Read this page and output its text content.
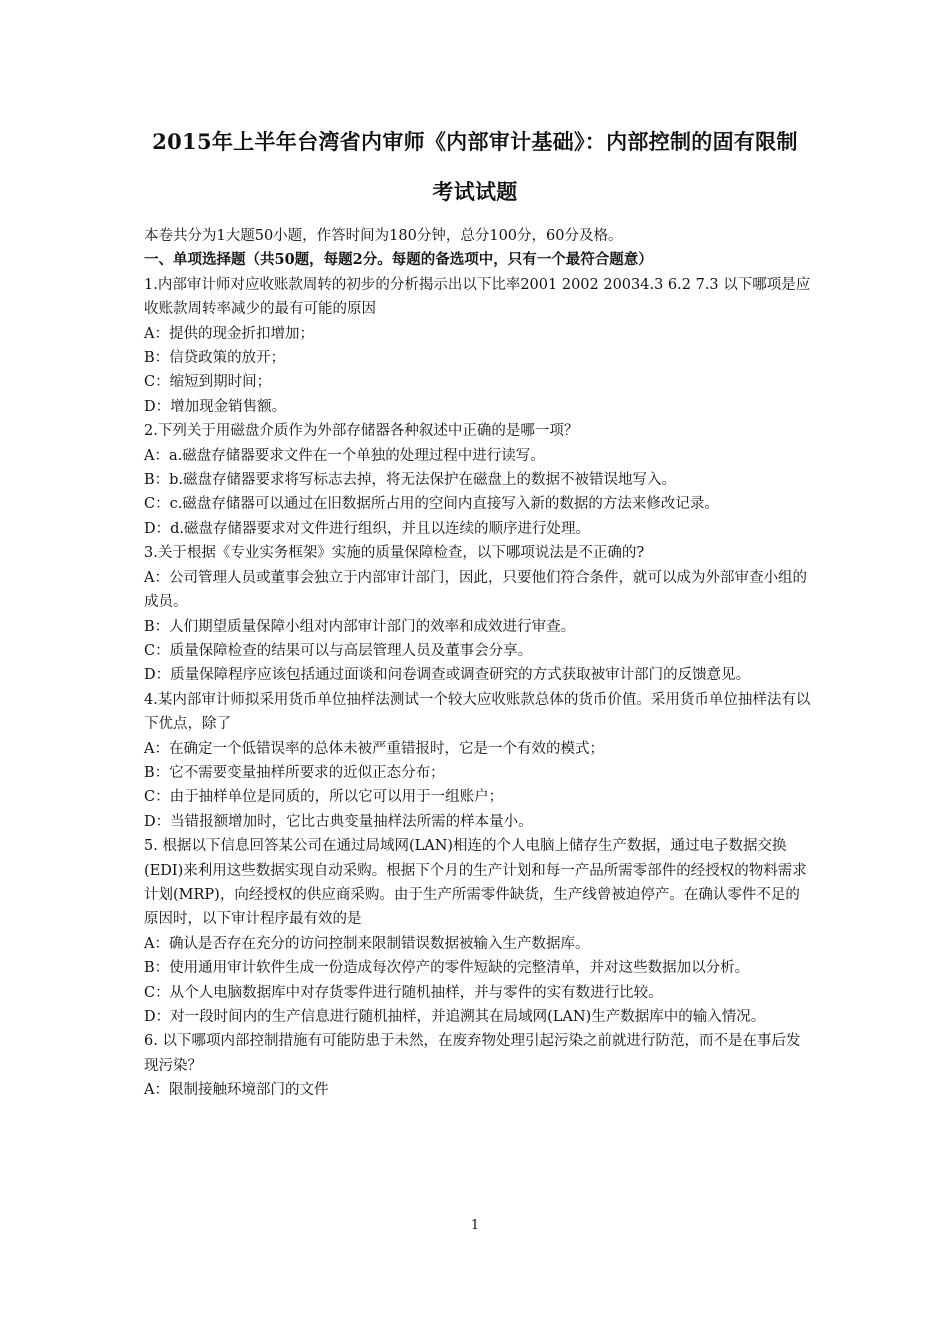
2015年上半年台湾省内审师《内部审计基础》：内部控制的固有限制
考试试题

本卷共分为1大题50小题，作答时间为180分钟，总分100分，60分及格。

一、单项选择题（共50题，每题2分。每题的备选项中，只有一个最符合题意）

1.内部审计师对应收账款周转的初步的分析揭示出以下比率2001 2002 20034.3 6.2 7.3 以下哪项是应收账款周转率减少的最有可能的原因

A：提供的现金折扣增加；

B：信贷政策的放开；

C：缩短到期时间；

D：增加现金销售额。

2.下列关于用磁盘介质作为外部存储器各种叙述中正确的是哪一项？

A：a.磁盘存储器要求文件在一个单独的处理过程中进行读写。

B：b.磁盘存储器要求将写标志去掉，将无法保护在磁盘上的数据不被错误地写入。

C：c.磁盘存储器可以通过在旧数据所占用的空间内直接写入新的数据的方法来修改记录。

D：d.磁盘存储器要求对文件进行组织，并且以连续的顺序进行处理。

3.关于根据《专业实务框架》实施的质量保障检查，以下哪项说法是不正确的?

A：公司管理人员或董事会独立于内部审计部门，因此，只要他们符合条件，就可以成为外部审查小组的成员。

B：人们期望质量保障小组对内部审计部门的效率和成效进行审查。

C：质量保障检查的结果可以与高层管理人员及董事会分享。

D：质量保障程序应该包括通过面谈和问卷调查或调查研究的方式获取被审计部门的反馈意见。

4.某内部审计师拟采用货币单位抽样法测试一个较大应收账款总体的货币价值。采用货币单位抽样法有以下优点，除了

A：在确定一个低错误率的总体未被严重错报时，它是一个有效的模式；

B：它不需要变量抽样所要求的近似正态分布；

C：由于抽样单位是同质的，所以它可以用于一组账户；

D：当错报额增加时，它比古典变量抽样法所需的样本量小。

5. 根据以下信息回答某公司在通过局域网(LAN)相连的个人电脑上储存生产数据，通过电子数据交换(EDI)来利用这些数据实现自动采购。根据下个月的生产计划和每一产品所需零部件的经授权的物料需求计划(MRP)，向经授权的供应商采购。由于生产所需零件缺货，生产线曾被迫停产。在确认零件不足的原因时，以下审计程序最有效的是

A：确认是否存在充分的访问控制来限制错误数据被输入生产数据库。

B：使用通用审计软件生成一份造成每次停产的零件短缺的完整清单，并对这些数据加以分析。

C：从个人电脑数据库中对存货零件进行随机抽样，并与零件的实有数进行比较。

D：对一段时间内的生产信息进行随机抽样，并追溯其在局域网(LAN)生产数据库中的输入情况。

6. 以下哪项内部控制措施有可能防患于未然，在废弃物处理引起污染之前就进行防范，而不是在事后发现污染？

A：限制接触环境部门的文件

1
